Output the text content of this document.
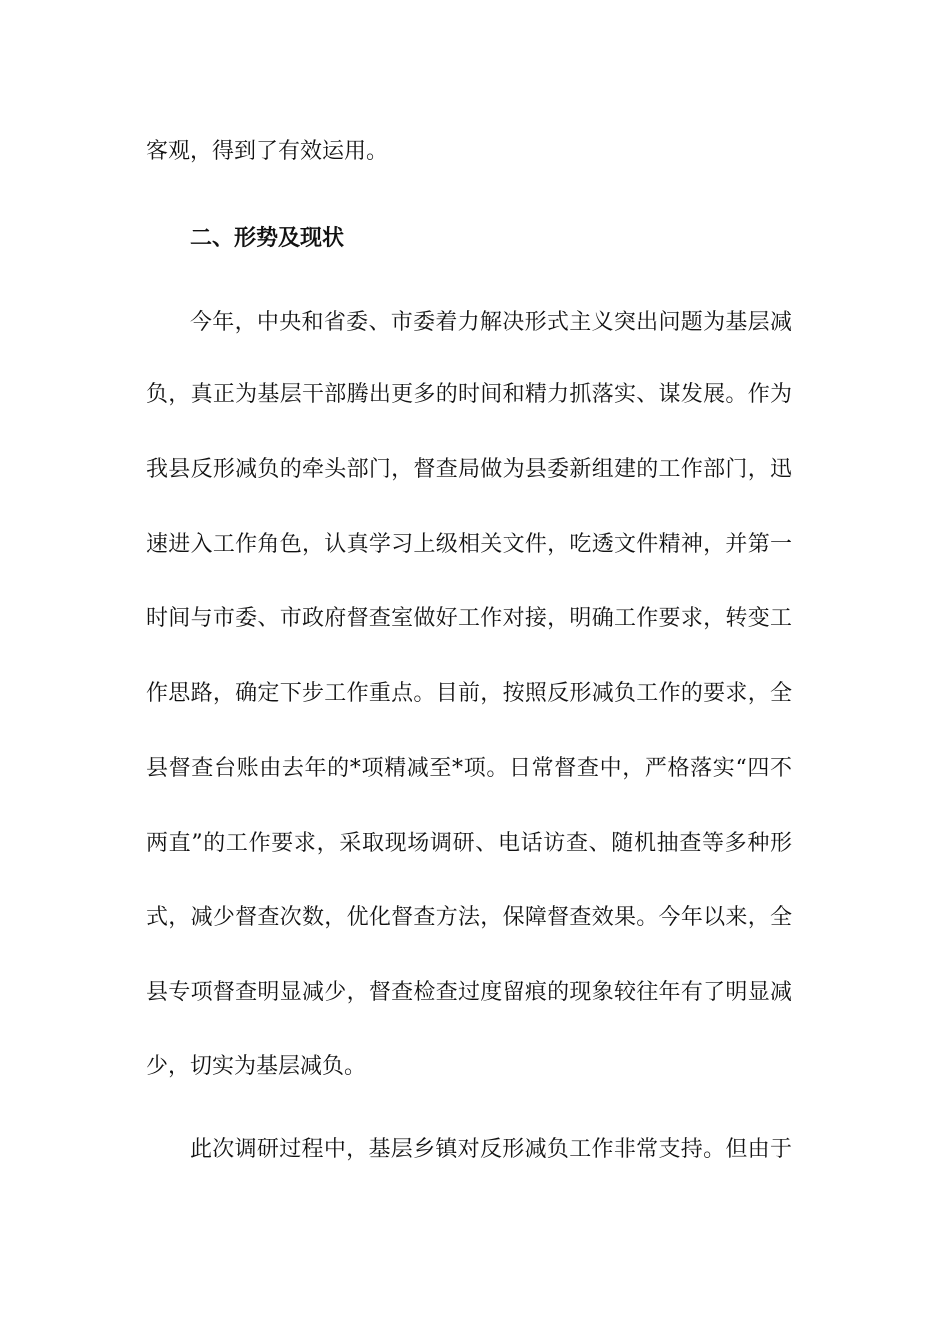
客观，得到了有效运用。
二、形势及现状
今年，中央和省委、市委着力解决形式主义突出问题为基层减
负，真正为基层干部腾出更多的时间和精力抓落实、谋发展。作为
我县反形减负的牵头部门，督查局做为县委新组建的工作部门，迅
速进入工作角色，认真学习上级相关文件，吃透文件精神，并第一
时间与市委、市政府督查室做好工作对接，明确工作要求，转变工
作思路，确定下步工作重点。目前，按照反形减负工作的要求，全
县督查台账由去年的*项精减至*项。日常督查中，严格落实“四不
两直”的工作要求，采取现场调研、电话访查、随机抽查等多种形
式，减少督查次数，优化督查方法，保障督查效果。今年以来，全
县专项督查明显减少，督查检查过度留痕的现象较往年有了明显减
少，切实为基层减负。
此次调研过程中，基层乡镇对反形减负工作非常支持。但由于
